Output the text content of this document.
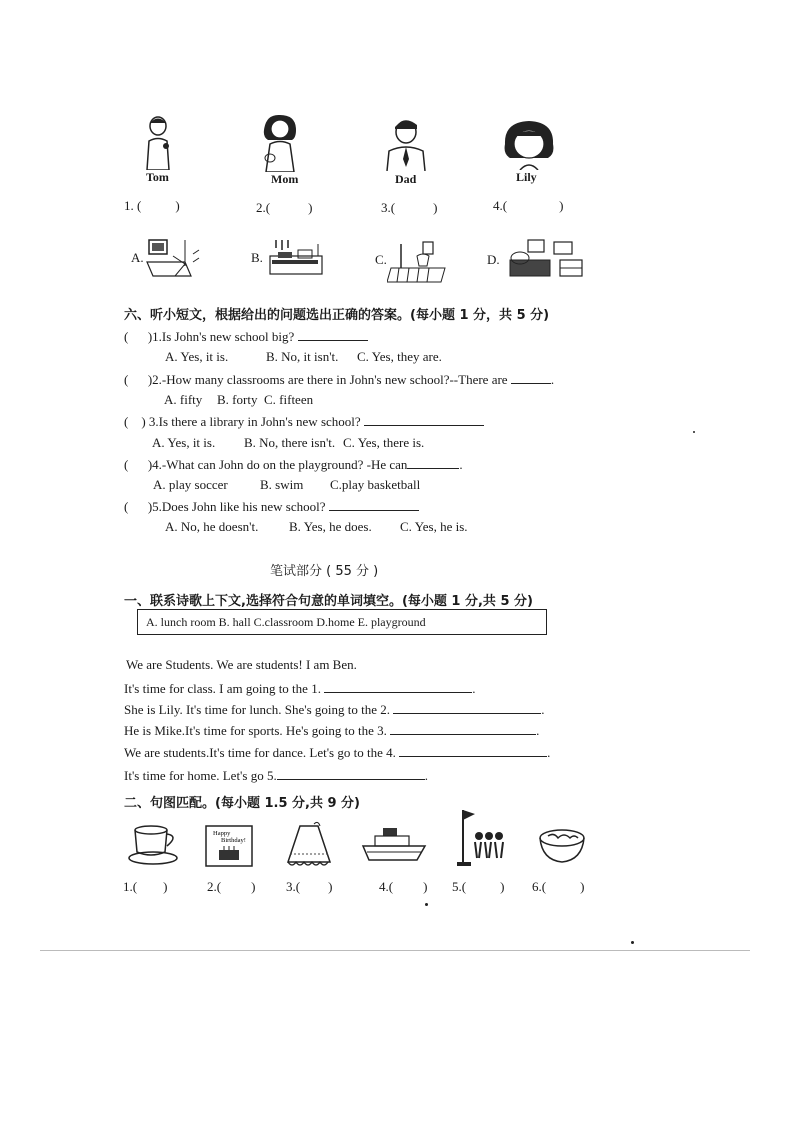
Tom	Mom	Dad	Lily
1. (	)	2.(	)	3.(	)	4.(	)
A.	B.	C.	D.
六、听小短文，根据给出的问题选出正确的答案。(每小题 1 分，共 5 分)
(      )1.Is John's new school big?
A. Yes, it is.	B. No, it isn't. C. Yes, they are.
(      )2.-How many classrooms are there in John's new school?--There are	.
A. fifty B. forty C. fifteen
(    ) 3.Is there a library in John's new school?
A. Yes, it is. B. No, there isn't. C. Yes, there is.
(      )4.-What can John do on the playground? -He can	.
A. play soccer B. swim C.play basketball
(      )5.Does John like his new school?
A. No, he doesn't. B. Yes, he does. C. Yes, he is.
笔试部分 ( 55 分 )
一、联系诗歌上下文,选择符合句意的单词填空。(每小题 1 分,共 5 分)
A. lunch room B. hall C.classroom D.home E. playground
We are Students. We are students! I am Ben.
It's time for class. I am going to the 1.	.
She is Lily. It's time for lunch. She's going to the 2.	.
He is Mike.It's time for sports. He's going to the 3.	.
We are students.It's time for dance. Let's go to the 4.	.
It's time for home. Let's go 5.	.
二、句图匹配。(每小题 1.5 分,共 9 分)
Happy
Birthday!
1.( )	2.( ) 3.( )	4.( ) 5.(	) 6.(	)
